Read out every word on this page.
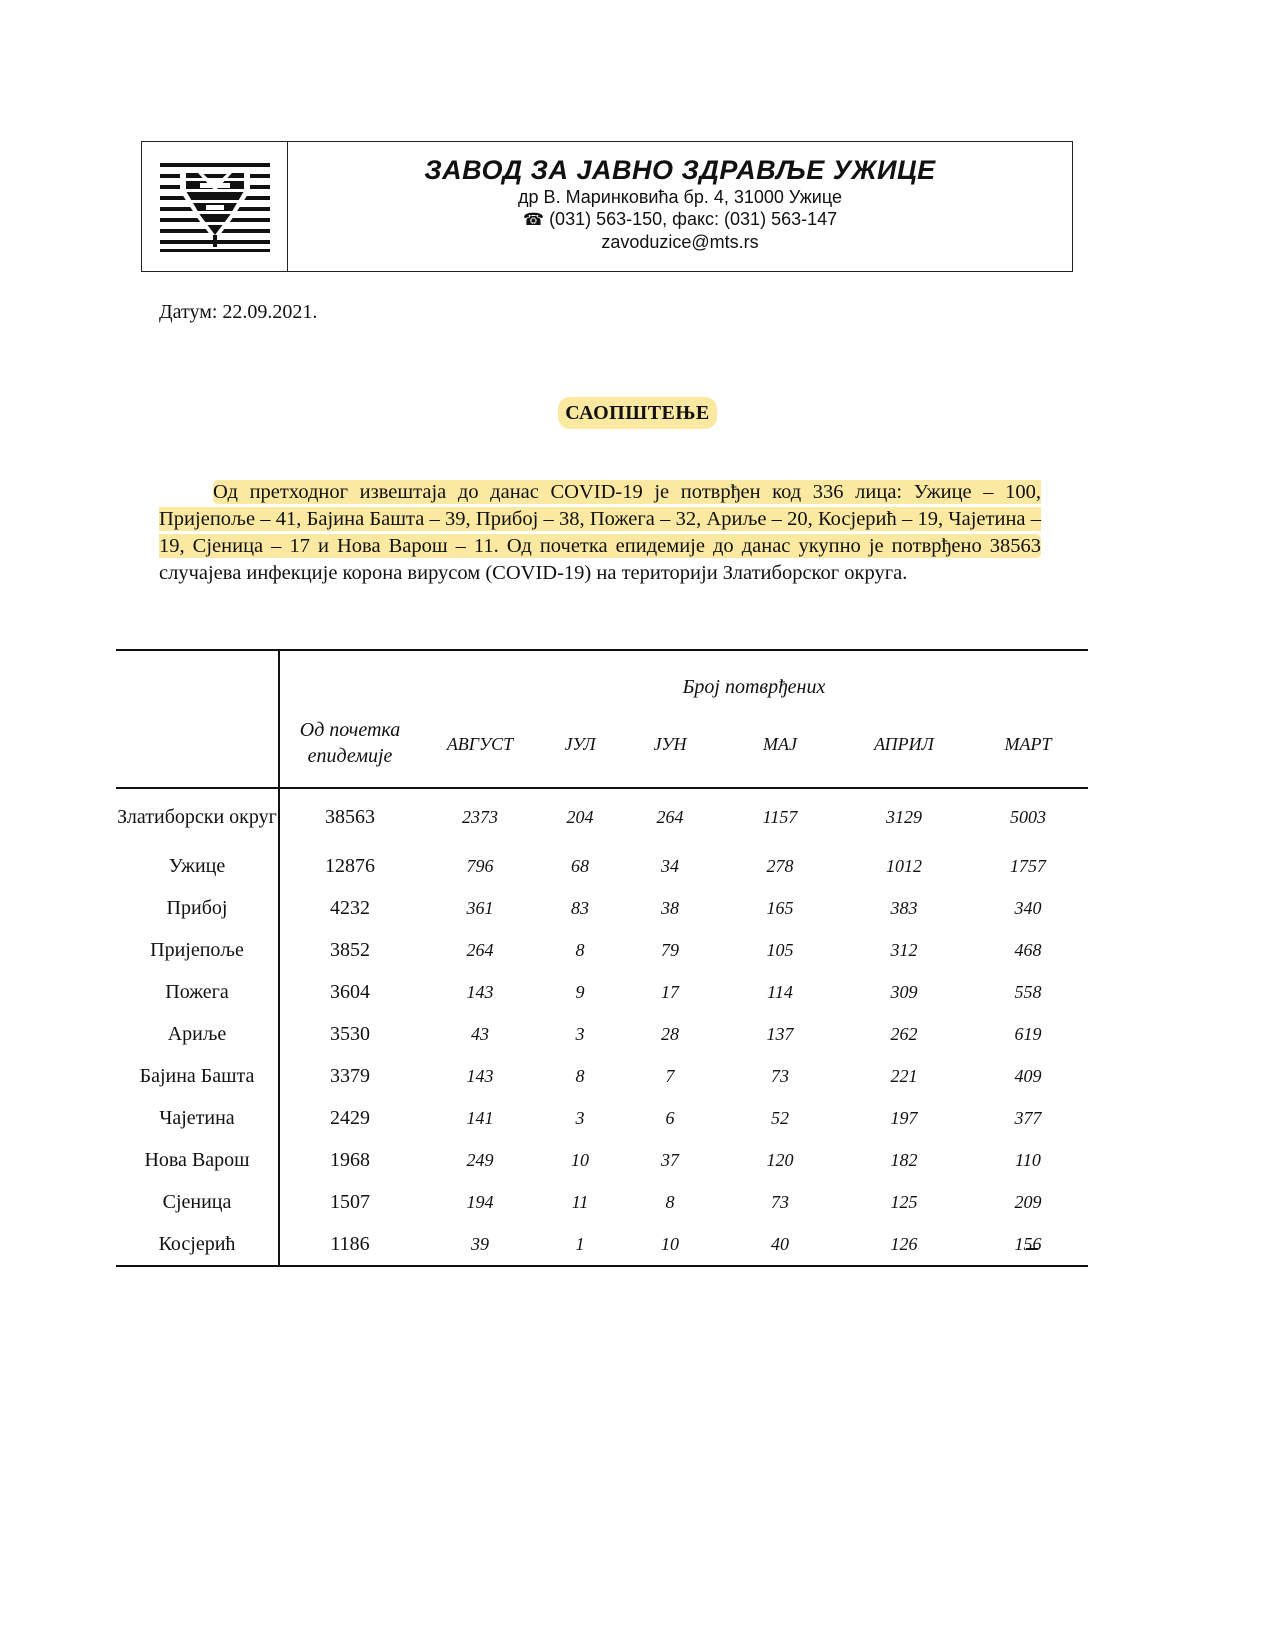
ЗАВОД ЗА ЈАВНО ЗДРАВЉЕ УЖИЦЕ
др В. Маринковића бр. 4, 31000 Ужице
☎ (031) 563-150, факс: (031) 563-147
zavoduzice@mts.rs
Датум: 22.09.2021.
САОПШТЕЊЕ
Од претходног извештаја до данас COVID-19 је потврђен код 336 лица: Ужице – 100, Пријепоље – 41, Бајина Башта – 39, Прибој – 38, Пожега – 32, Ариље – 20, Косјерић – 19, Чајетина – 19, Сјеница – 17 и Нова Варош – 11. Од почетка епидемије до данас укупно је потврђено 38563 случајева инфекције корона вирусом (COVID-19) на територији Златиборског округа.

		Број потврђених					
	Од почетка епидемије	АВГУСТ	ЈУЛ	ЈУН	МАЈ	АПРИЛ	МАРТ
Златиборски округ	38563	2373	204	264	1157	3129	5003
Ужице	12876	796	68	34	278	1012	1757
Прибој	4232	361	83	38	165	383	340
Пријепоље	3852	264	8	79	105	312	468
Пожега	3604	143	9	17	114	309	558
Ариље	3530	43	3	28	137	262	619
Бајина Башта	3379	143	8	7	73	221	409
Чајетина	2429	141	3	6	52	197	377
Нова Варош	1968	249	10	37	120	182	110
Сјеница	1507	194	11	8	73	125	209
Косјерић	1186	39	1	10	40	126	156
